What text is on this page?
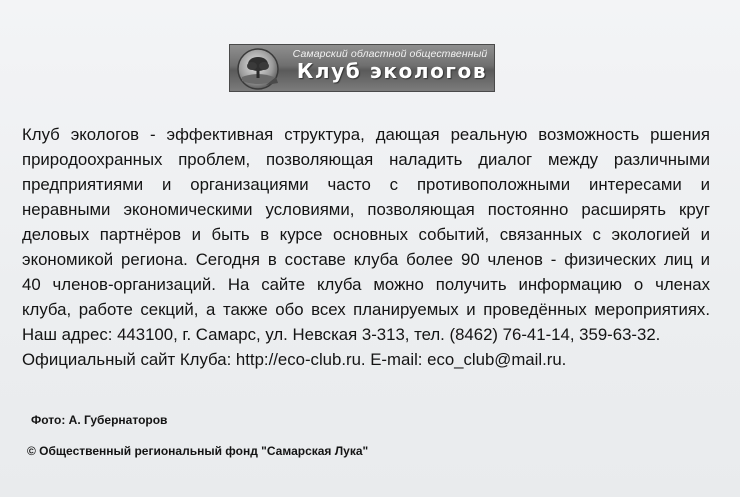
Самарский областной общественный
Клуб экологов
Клуб экологов - эффективная структура, дающая реальную возможность ршения
природоохранных проблем, позволяющая наладить диалог между различными
предприятиями и организациями часто с противоположными интересами и
неравными экономическими условиями, позволяющая постоянно расширять круг
деловых партнёров и быть в курсе основных событий, связанных с экологией и
экономикой региона. Сегодня в составе клуба более 90 членов - физических лиц и
40 членов-организаций. На сайте клуба можно получить информацию о членах
клуба, работе секций, а также обо всех планируемых и проведённых мероприятиях.
Наш адрес: 443100, г. Самарс, ул. Невская 3-313, тел. (8462) 76-41-14, 359-63-32.
Официальный сайт Клуба: http://eco-club.ru. E-mail: eco_club@mail.ru.
Фото: А. Губернаторов
© Общественный региональный фонд "Самарская Лука"
